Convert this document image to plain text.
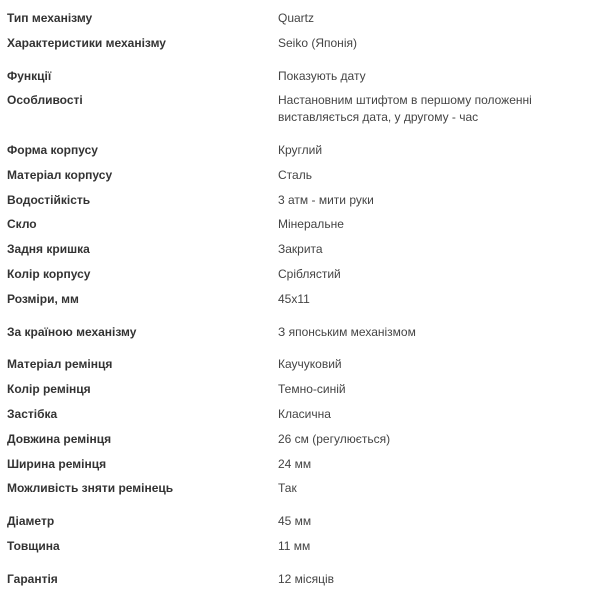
Тип механізму	Quartz
Характеристики механізму	Seiko (Японія)
Функції	Показують дату
Особливості	Настановним штифтом в першому положенні виставляється дата, у другому - час
Форма корпусу	Круглий
Матеріал корпусу	Сталь
Водостійкість	3 атм - мити руки
Скло	Мінеральне
Задня кришка	Закрита
Колір корпусу	Сріблястий
Розміри, мм	45x11
За країною механізму	З японським механізмом
Матеріал ремінця	Каучуковий
Колір ремінця	Темно-синій
Застібка	Класична
Довжина ремінця	26 см (регулюється)
Ширина ремінця	24 мм
Можливість зняти ремінець	Так
Діаметр	45 мм
Товщина	11 мм
Гарантія	12 місяців
